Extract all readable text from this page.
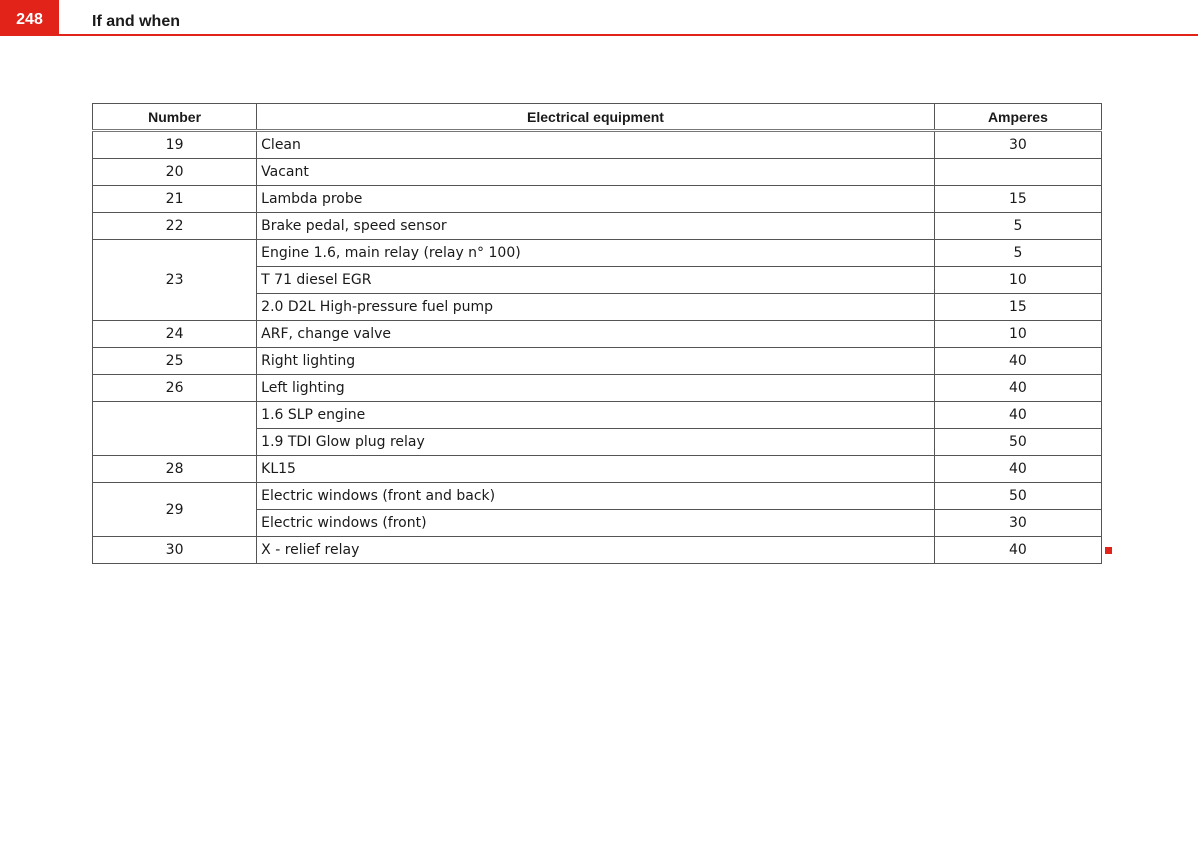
248	If and when
Number	Electrical equipment	Amperes
19	Clean	30
20	Vacant	
21	Lambda probe	15
22	Brake pedal, speed sensor	5
23	Engine 1.6, main relay (relay n° 100)	5
	T 71 diesel EGR	10
	2.0 D2L High-pressure fuel pump	15
24	ARF, change valve	10
25	Right lighting	40
26	Left lighting	40
	1.6 SLP engine	40
	1.9 TDI Glow plug relay	50
28	KL15	40
29	Electric windows (front and back)	50
	Electric windows (front)	30
30	X - relief relay	40
